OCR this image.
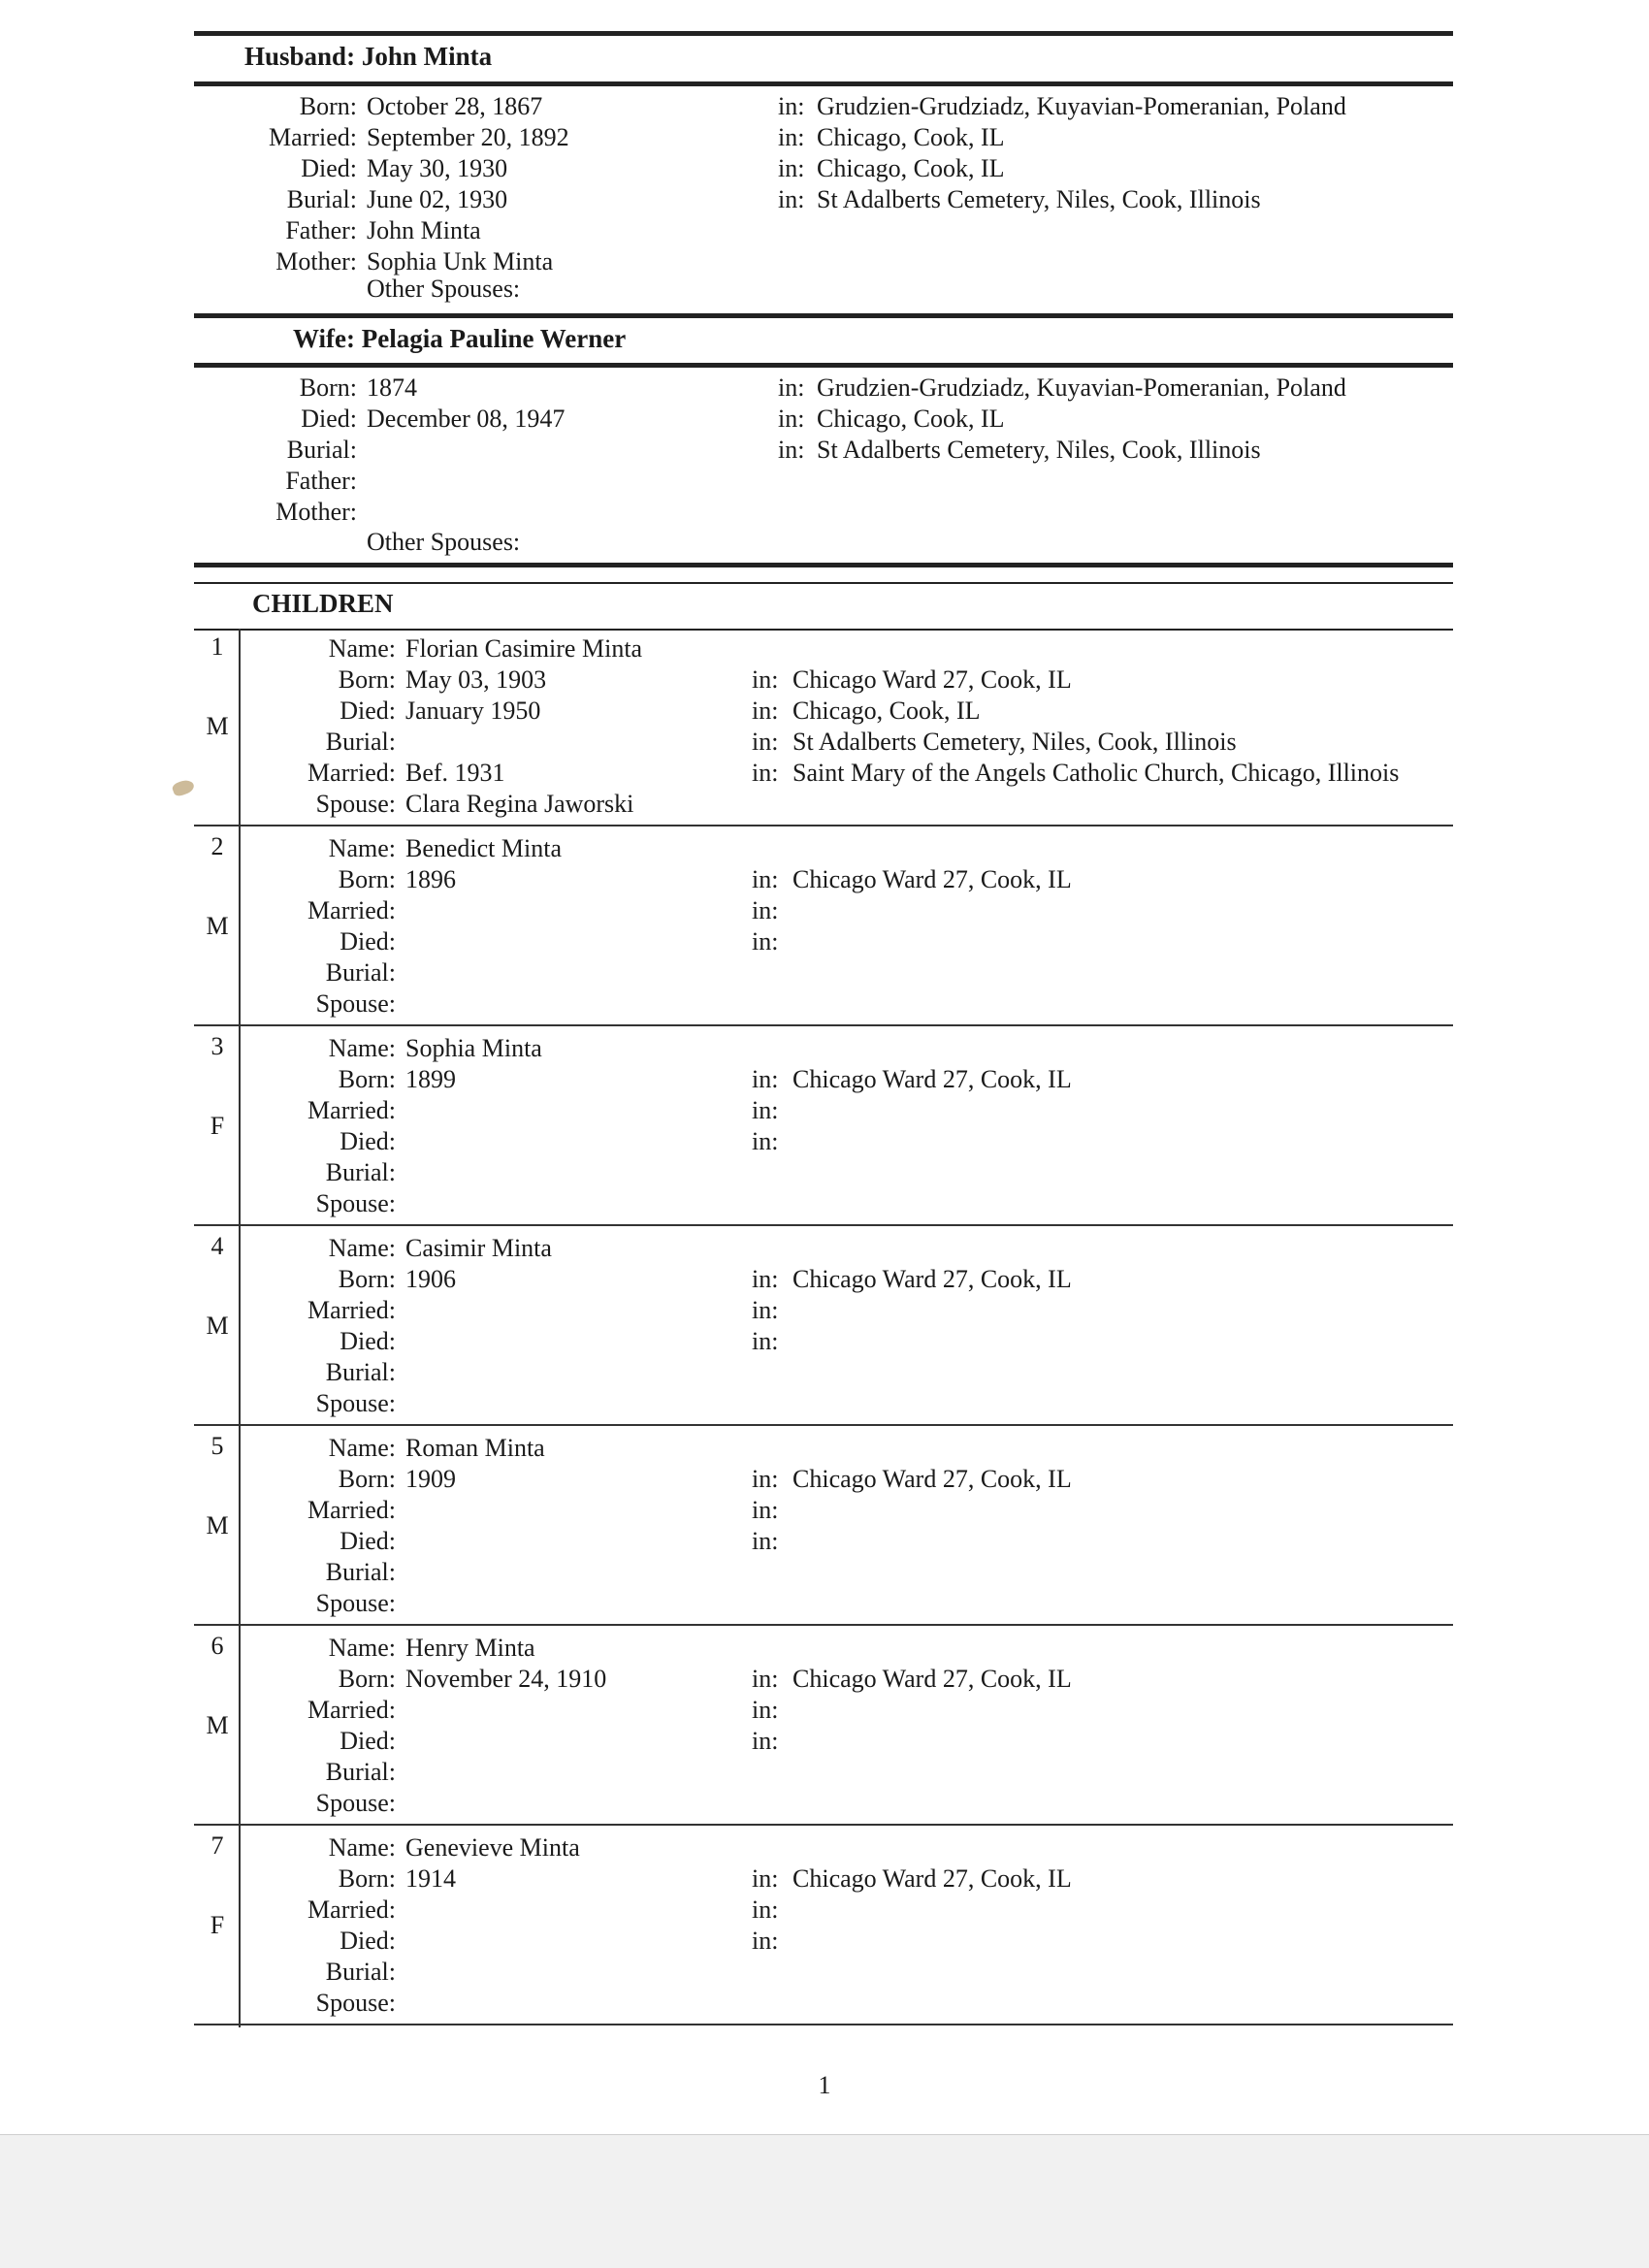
Husband: John Minta
Born: October 28, 1867	in: Grudzien-Grudziadz, Kuyavian-Pomeranian, Poland
Married: September 20, 1892	in: Chicago, Cook, IL
Died: May 30, 1930	in: Chicago, Cook, IL
Burial: June 02, 1930	in: St Adalberts Cemetery, Niles, Cook, Illinois
Father: John Minta
Mother: Sophia Unk Minta
Other Spouses:
Wife: Pelagia Pauline Werner
Born: 1874	in: Grudzien-Grudziadz, Kuyavian-Pomeranian, Poland
Died: December 08, 1947	in: Chicago, Cook, IL
Burial:	in: St Adalberts Cemetery, Niles, Cook, Illinois
Father:
Mother:
Other Spouses:
CHILDREN
1
M
Name: Florian Casimire Minta
Born: May 03, 1903	in: Chicago Ward 27, Cook, IL
Died: January 1950	in: Chicago, Cook, IL
Burial:	in: St Adalberts Cemetery, Niles, Cook, Illinois
Married: Bef. 1931	in: Saint Mary of the Angels Catholic Church, Chicago, Illinois
Spouse: Clara Regina Jaworski
2
M
Name: Benedict Minta
Born: 1896	in: Chicago Ward 27, Cook, IL
Married:	in:
Died:	in:
Burial:
Spouse:
3
F
Name: Sophia Minta
Born: 1899	in: Chicago Ward 27, Cook, IL
Married:	in:
Died:	in:
Burial:
Spouse:
4
M
Name: Casimir Minta
Born: 1906	in: Chicago Ward 27, Cook, IL
Married:	in:
Died:	in:
Burial:
Spouse:
5
M
Name: Roman Minta
Born: 1909	in: Chicago Ward 27, Cook, IL
Married:	in:
Died:	in:
Burial:
Spouse:
6
M
Name: Henry Minta
Born: November 24, 1910	in: Chicago Ward 27, Cook, IL
Married:	in:
Died:	in:
Burial:
Spouse:
7
F
Name: Genevieve Minta
Born: 1914	in: Chicago Ward 27, Cook, IL
Married:	in:
Died:	in:
Burial:
Spouse:
1
